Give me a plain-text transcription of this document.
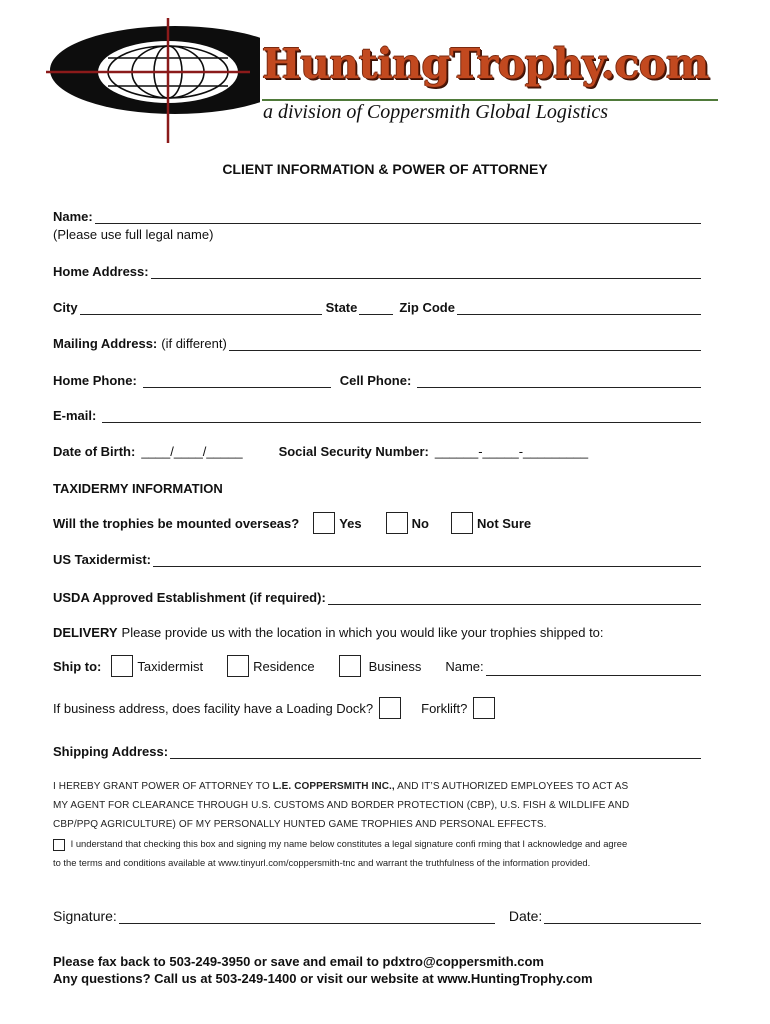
HuntingTrophy.com
a division of Coppersmith Global Logistics
CLIENT INFORMATION & POWER OF ATTORNEY
Name:
(Please use full legal name)
Home Address:
City	State	Zip Code
Mailing Address: (if different)
Home Phone:	Cell Phone:
E-mail:
Date of Birth: ____/____/_____	Social Security Number: ______-_____-_________
TAXIDERMY INFORMATION
Will the trophies be mounted overseas?	Yes	No	Not Sure
US Taxidermist:
USDA Approved Establishment (if required):
DELIVERY Please provide us with the location in which you would like your trophies shipped to:
Ship to:	Taxidermist	Residence	Business Name:
If business address, does facility have a Loading Dock?	Forklift?
Shipping Address:
I HEREBY GRANT POWER OF ATTORNEY TO L.E. COPPERSMITH INC., AND IT’S AUTHORIZED EMPLOYEES TO ACT AS
MY AGENT FOR CLEARANCE THROUGH U.S. CUSTOMS AND BORDER PROTECTION (CBP), U.S. FISH & WILDLIFE AND
CBP/PPQ AGRICULTURE) OF MY PERSONALLY HUNTED GAME TROPHIES AND PERSONAL EFFECTS.
I understand that checking this box and signing my name below constitutes a legal signature confi rming that I acknowledge and agree
to the terms and conditions available at www.tinyurl.com/coppersmith-tnc and warrant the truthfulness of the information provided.
Signature:	Date:
Please fax back to 503-249-3950 or save and email to pdxtro@coppersmith.com
Any questions? Call us at 503-249-1400 or visit our website at www.HuntingTrophy.com
